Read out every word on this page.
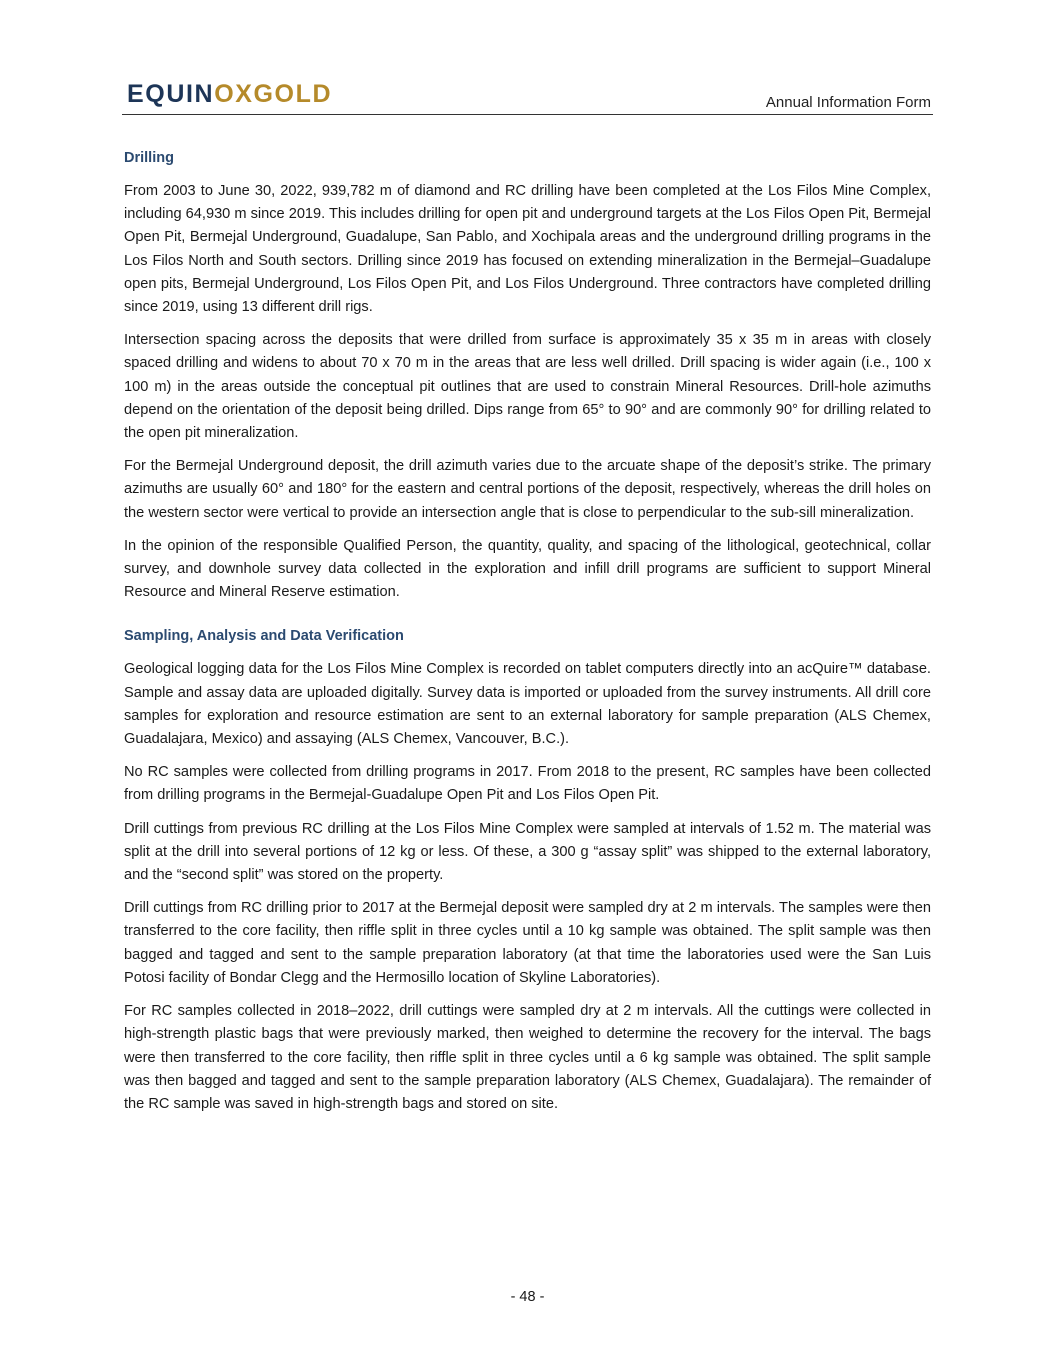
EQUINOXGOLD	Annual Information Form
Drilling

From 2003 to June 30, 2022, 939,782 m of diamond and RC drilling have been completed at the Los Filos Mine Complex, including 64,930 m since 2019. This includes drilling for open pit and underground targets at the Los Filos Open Pit, Bermejal Open Pit, Bermejal Underground, Guadalupe, San Pablo, and Xochipala areas and the underground drilling programs in the Los Filos North and South sectors. Drilling since 2019 has focused on extending mineralization in the Bermejal–Guadalupe open pits, Bermejal Underground, Los Filos Open Pit, and Los Filos Underground. Three contractors have completed drilling since 2019, using 13 different drill rigs.

Intersection spacing across the deposits that were drilled from surface is approximately 35 x 35 m in areas with closely spaced drilling and widens to about 70 x 70 m in the areas that are less well drilled. Drill spacing is wider again (i.e., 100 x 100 m) in the areas outside the conceptual pit outlines that are used to constrain Mineral Resources. Drill-hole azimuths depend on the orientation of the deposit being drilled. Dips range from 65° to 90° and are commonly 90° for drilling related to the open pit mineralization.

For the Bermejal Underground deposit, the drill azimuth varies due to the arcuate shape of the deposit’s strike. The primary azimuths are usually 60° and 180° for the eastern and central portions of the deposit, respectively, whereas the drill holes on the western sector were vertical to provide an intersection angle that is close to perpendicular to the sub-sill mineralization.

In the opinion of the responsible Qualified Person, the quantity, quality, and spacing of the lithological, geotechnical, collar survey, and downhole survey data collected in the exploration and infill drill programs are sufficient to support Mineral Resource and Mineral Reserve estimation.

Sampling, Analysis and Data Verification

Geological logging data for the Los Filos Mine Complex is recorded on tablet computers directly into an acQuire™ database. Sample and assay data are uploaded digitally. Survey data is imported or uploaded from the survey instruments. All drill core samples for exploration and resource estimation are sent to an external laboratory for sample preparation (ALS Chemex, Guadalajara, Mexico) and assaying (ALS Chemex, Vancouver, B.C.).

No RC samples were collected from drilling programs in 2017. From 2018 to the present, RC samples have been collected from drilling programs in the Bermejal-Guadalupe Open Pit and Los Filos Open Pit.

Drill cuttings from previous RC drilling at the Los Filos Mine Complex were sampled at intervals of 1.52 m. The material was split at the drill into several portions of 12 kg or less. Of these, a 300 g “assay split” was shipped to the external laboratory, and the “second split” was stored on the property.

Drill cuttings from RC drilling prior to 2017 at the Bermejal deposit were sampled dry at 2 m intervals. The samples were then transferred to the core facility, then riffle split in three cycles until a 10 kg sample was obtained. The split sample was then bagged and tagged and sent to the sample preparation laboratory (at that time the laboratories used were the San Luis Potosi facility of Bondar Clegg and the Hermosillo location of Skyline Laboratories).

For RC samples collected in 2018–2022, drill cuttings were sampled dry at 2 m intervals. All the cuttings were collected in high-strength plastic bags that were previously marked, then weighed to determine the recovery for the interval. The bags were then transferred to the core facility, then riffle split in three cycles until a 6 kg sample was obtained. The split sample was then bagged and tagged and sent to the sample preparation laboratory (ALS Chemex, Guadalajara). The remainder of the RC sample was saved in high-strength bags and stored on site.

- 48 -
